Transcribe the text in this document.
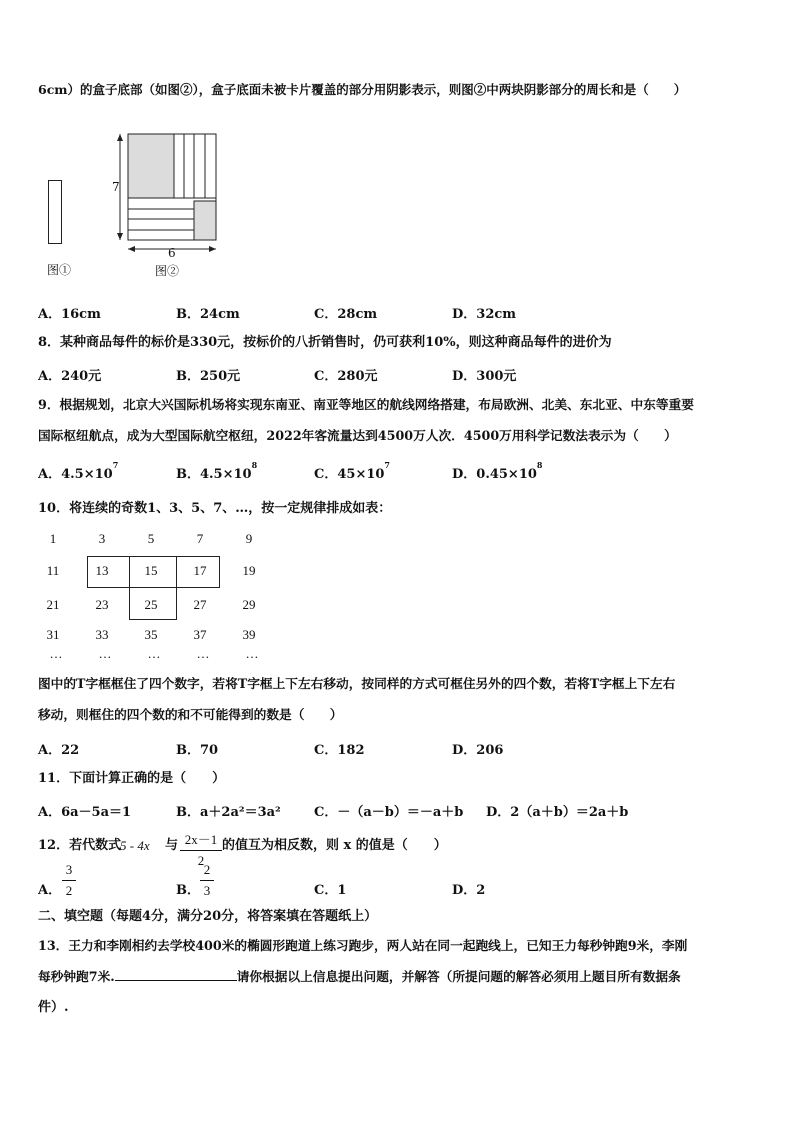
6cm）的盒子底部（如图②），盒子底面未被卡片覆盖的部分用阴影表示，则图②中两块阴影部分的周长和是（　　）
图①
7
6
图②
A．16cm	B．24cm	C．28cm	D．32cm
8．某种商品每件的标价是330元，按标价的八折销售时，仍可获利10%，则这种商品每件的进价为
A．240元	B．250元	C．280元	D．300元
9．根据规划，北京大兴国际机场将实现东南亚、南亚等地区的航线网络搭建，布局欧洲、北美、东北亚、中东等重要
国际枢纽航点，成为大型国际航空枢纽，2022年客流量达到4500万人次．4500万用科学记数法表示为（　　）
A．$4.5\times 10^7$
B．$4.5\times 10^8$
C．$45\times 10^7$
D．$0.45\times 10^8$
10．将连续的奇数1、3、5、7、…，按一定规律排成如表：
1	3	5	7	9
11	13	15	17	19
21	23	25	27	29
31	33	35	37	39
…	…	…	…	…
图中的T字框框住了四个数字，若将T字框上下左右移动，按同样的方式可框住另外的四个数，若将T字框上下左右
移动，则框住的四个数的和不可能得到的数是（　　）
A．22	B．70	C．182	D．206
11．下面计算正确的是（　　）
A．6a－5a＝1	B．a＋2a²＝3a²	C．－（a－b）＝－a＋b D．2（a＋b）＝2a＋b
12．若代数式
5 - 4x 与 2x－1
2
的值互为相反数，则 x 的值是（　　）
A．
3
2	B．
2
3	C．1	D．2
二、填空题（每题4分，满分20分，将答案填在答题纸上）
13．王力和李刚相约去学校400米的椭圆形跑道上练习跑步，两人站在同一起跑线上，已知王力每秒钟跑9米，李刚
每秒钟跑7米.	请你根据以上信息提出问题，并解答（所提问题的解答必须用上题目所有数据条
件）.
